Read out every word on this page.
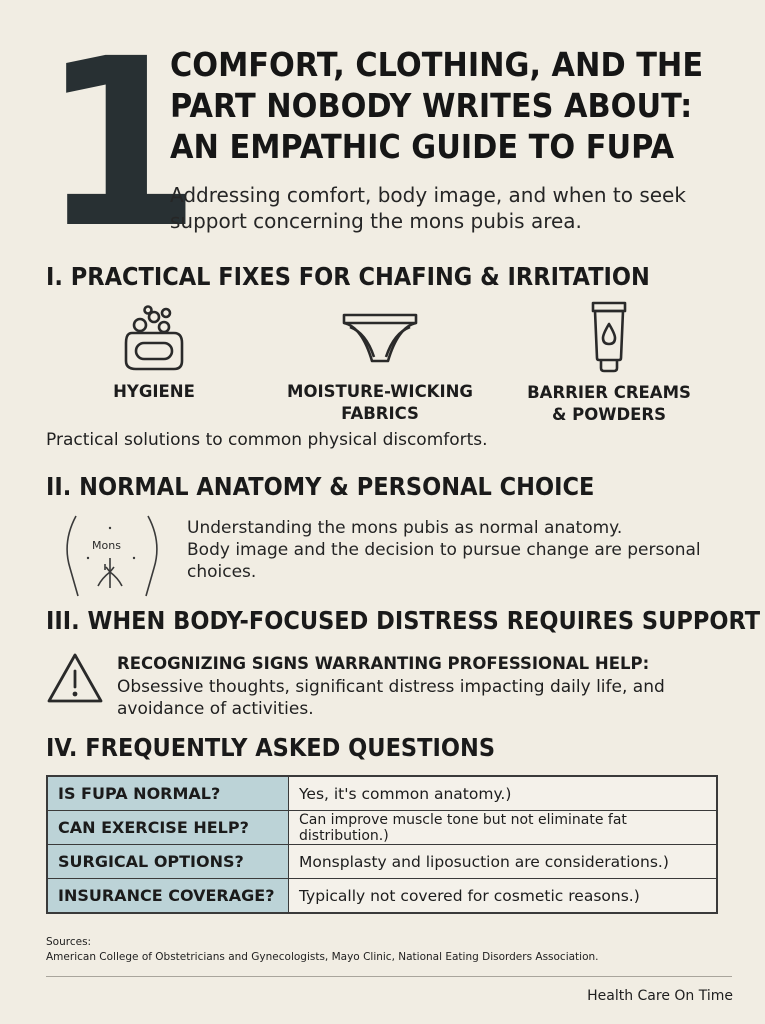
1
COMFORT, CLOTHING, AND THE PART NOBODY WRITES ABOUT: AN EMPATHIC GUIDE TO FUPA

Addressing comfort, body image, and when to seek support concerning the mons pubis area.

I. PRACTICAL FIXES FOR CHAFING & IRRITATION
HYGIENE	MOISTURE-WICKING
FABRICS
BARRIER CREAMS
& POWDERS

Practical solutions to common physical discomforts.

II. NORMAL ANATOMY & PERSONAL CHOICE
Mons

Understanding the mons pubis as normal anatomy.
Body image and the decision to pursue change are personal choices.

III. WHEN BODY-FOCUSED DISTRESS REQUIRES SUPPORT

RECOGNIZING SIGNS WARRANTING PROFESSIONAL HELP:

Obsessive thoughts, significant distress impacting daily life, and avoidance of activities.

IV. FREQUENTLY ASKED QUESTIONS
IS FUPA NORMAL?	Yes, it's common anatomy.)
CAN EXERCISE HELP?	Can improve muscle tone but not eliminate fat distribution.)
SURGICAL OPTIONS?	Monsplasty and liposuction are considerations.)
INSURANCE COVERAGE?	Typically not covered for cosmetic reasons.)

Sources:
American College of Obstetricians and Gynecologists, Mayo Clinic, National Eating Disorders Association.

Health Care On Time
